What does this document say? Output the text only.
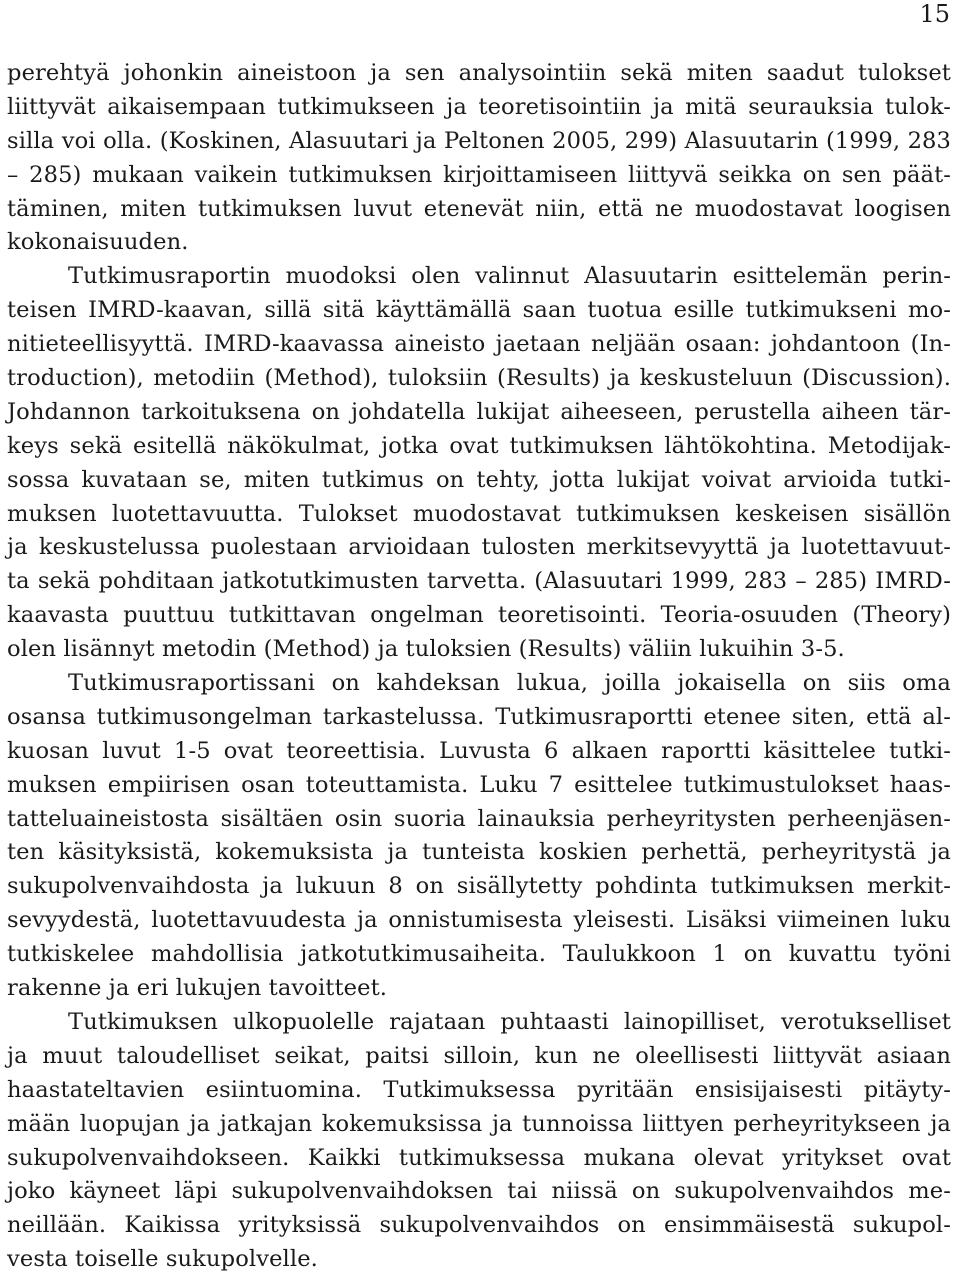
15
perehtyä johonkin aineistoon ja sen analysointiin sekä miten saadut tulokset
liittyvät aikaisempaan tutkimukseen ja teoretisointiin ja mitä seurauksia tulok-
silla voi olla. (Koskinen, Alasuutari ja Peltonen 2005, 299) Alasuutarin (1999, 283
– 285) mukaan vaikein tutkimuksen kirjoittamiseen liittyvä seikka on sen päät-
täminen, miten tutkimuksen luvut etenevät niin, että ne muodostavat loogisen
kokonaisuuden.
Tutkimusraportin muodoksi olen valinnut Alasuutarin esittelemän perin-
teisen IMRD-kaavan, sillä sitä käyttämällä saan tuotua esille tutkimukseni mo-
nitieteellisyyttä. IMRD-kaavassa aineisto jaetaan neljään osaan: johdantoon (In-
troduction), metodiin (Method), tuloksiin (Results) ja keskusteluun (Discussion).
Johdannon tarkoituksena on johdatella lukijat aiheeseen, perustella aiheen tär-
keys sekä esitellä näkökulmat, jotka ovat tutkimuksen lähtökohtina. Metodijak-
sossa kuvataan se, miten tutkimus on tehty, jotta lukijat voivat arvioida tutki-
muksen luotettavuutta. Tulokset muodostavat tutkimuksen keskeisen sisällön
ja keskustelussa puolestaan arvioidaan tulosten merkitsevyyttä ja luotettavuut-
ta sekä pohditaan jatkotutkimusten tarvetta. (Alasuutari 1999, 283 – 285) IMRD-
kaavasta puuttuu tutkittavan ongelman teoretisointi. Teoria-osuuden (Theory)
olen lisännyt metodin (Method) ja tuloksien (Results) väliin lukuihin 3-5.
Tutkimusraportissani on kahdeksan lukua, joilla jokaisella on siis oma
osansa tutkimusongelman tarkastelussa. Tutkimusraportti etenee siten, että al-
kuosan luvut 1-5 ovat teoreettisia. Luvusta 6 alkaen raportti käsittelee tutki-
muksen empiirisen osan toteuttamista. Luku 7 esittelee tutkimustulokset haas-
tatteluaineistosta sisältäen osin suoria lainauksia perheyritysten perheenjäsen-
ten käsityksistä, kokemuksista ja tunteista koskien perhettä, perheyritystä ja
sukupolvenvaihdosta ja lukuun 8 on sisällytetty pohdinta tutkimuksen merkit-
sevyydestä, luotettavuudesta ja onnistumisesta yleisesti. Lisäksi viimeinen luku
tutkiskelee mahdollisia jatkotutkimusaiheita. Taulukkoon 1 on kuvattu työni
rakenne ja eri lukujen tavoitteet.
Tutkimuksen ulkopuolelle rajataan puhtaasti lainopilliset, verotukselliset
ja muut taloudelliset seikat, paitsi silloin, kun ne oleellisesti liittyvät asiaan
haastateltavien esiintuomina. Tutkimuksessa pyritään ensisijaisesti pitäyty-
mään luopujan ja jatkajan kokemuksissa ja tunnoissa liittyen perheyritykseen ja
sukupolvenvaihdokseen. Kaikki tutkimuksessa mukana olevat yritykset ovat
joko käyneet läpi sukupolvenvaihdoksen tai niissä on sukupolvenvaihdos me-
neillään. Kaikissa yrityksissä sukupolvenvaihdos on ensimmäisestä sukupol-
vesta toiselle sukupolvelle.
